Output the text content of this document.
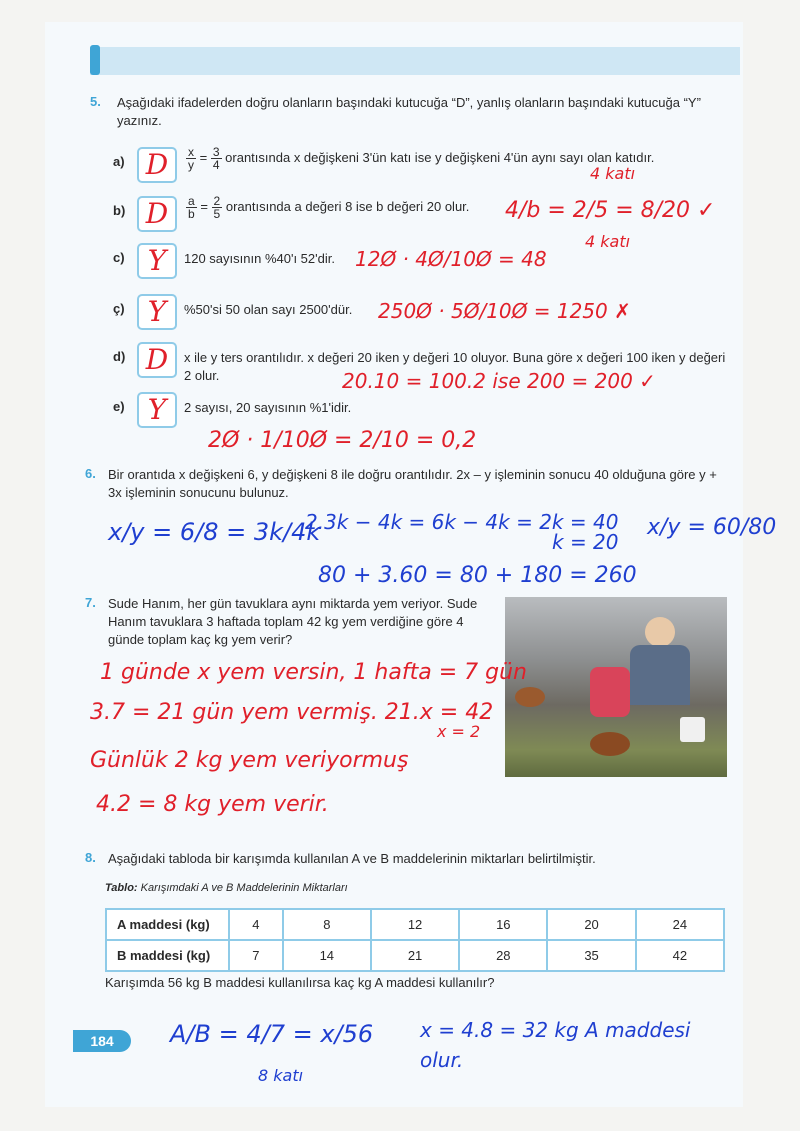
5. Aşağıdaki ifadelerden doğru olanların başındaki kutucuğa “D”, yanlış olanların başındaki kutucuğa “Y” yazınız.
a) D	$\frac{x}{y} = \frac{3}{4}$ orantısında x değişkeni 3'ün katı ise y değişkeni 4'ün aynı sayı olan katıdır.
4 katı
b) D	$\frac{a}{b} = \frac{2}{5}$ orantısında a değeri 8 ise b değeri 20 olur. 4/b = 2/5 = 8/20 ✓
4 katı
c) Y	120 sayısının %40'ı 52'dir. 12Ø · 4Ø/10Ø = 48
ç) Y	%50'si 50 olan sayı 2500'dür. 250Ø · 5Ø/10Ø = 1250 ✗
d) D	x ile y ters orantılıdır. x değeri 20 iken y değeri 10 oluyor. Buna göre x değeri 100 iken y değeri 2 olur.	20.10 = 100.2 ise 200 = 200 ✓
e) Y	2 sayısı, 20 sayısının %1'idir.
2Ø · 1/10Ø = 2/10 = 0,2
6. Bir orantıda x değişkeni 6, y değişkeni 8 ile doğru orantılıdır. 2x – y işleminin sonucu 40 olduğuna göre y + 3x işleminin sonucunu bulunuz.
x/y = 6/8 = 3k/4k
2.3k − 4k = 6k − 4k = 2k = 40
k = 20
x/y = 60/80
80 + 3.60 = 80 + 180 = 260
7. Sude Hanım, her gün tavuklara aynı miktarda yem veriyor. Sude Hanım tavuklara 3 haftada toplam 42 kg yem verdiğine göre 4 günde toplam kaç kg yem verir?
1 günde x yem versin, 1 hafta = 7 gün
3.7 = 21 gün yem vermiş. 21.x = 42
x = 2
Günlük 2 kg yem veriyormuş
4.2 = 8 kg yem verir.
8. Aşağıdaki tabloda bir karışımda kullanılan A ve B maddelerinin miktarları belirtilmiştir.
Tablo: Karışımdaki A ve B Maddelerinin Miktarları
A maddesi (kg)	4	8	12	16	20	24
B maddesi (kg)	7	14	21	28	35	42
Karışımda 56 kg B maddesi kullanılırsa kaç kg A maddesi kullanılır?
A/B = 4/7 = x/56
8 katı
x = 4.8 = 32 kg A maddesi olur.
184
